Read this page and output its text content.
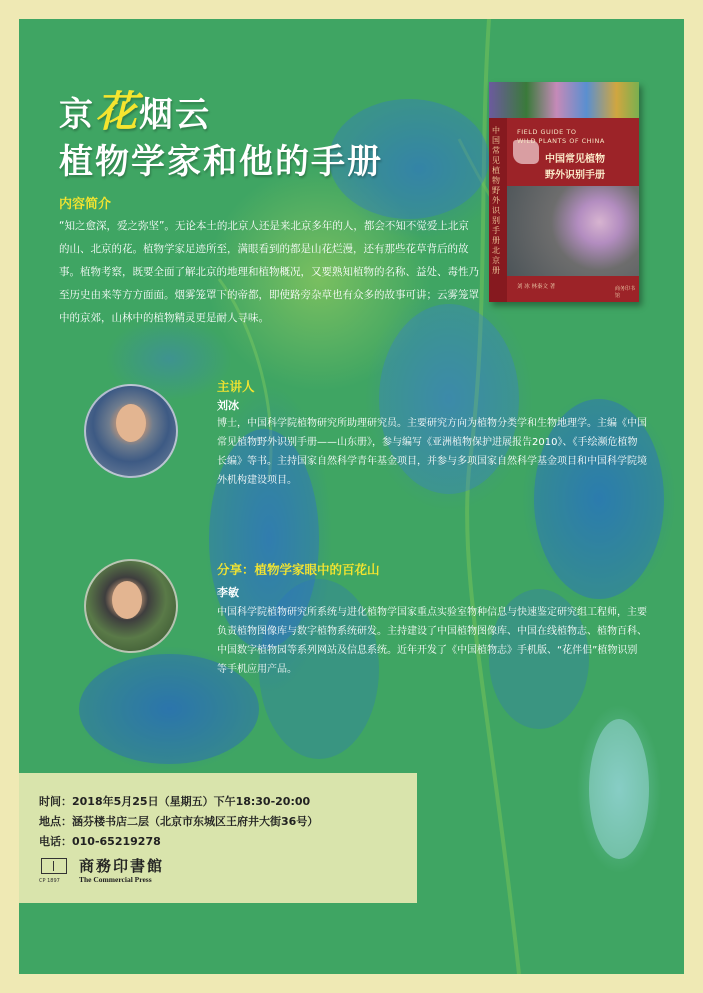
京花烟云
植物学家和他的手册
内容简介
“知之愈深，爱之弥坚”。无论本土的北京人还是来北京多年的人，都会不知不觉爱上北京的山、北京的花。植物学家足迹所至，满眼看到的都是山花烂漫，还有那些花草背后的故事。植物考察，既要全面了解北京的地理和植物概况，又要熟知植物的名称、益处、毒性乃至历史由来等方方面面。烟雾笼罩下的帝都，即使路旁杂草也有众多的故事可讲；云雾笼罩中的京郊，山林中的植物精灵更是耐人寻味。
中国常见植物野外识别手册北京册
FIELD GUIDE TO
WILD PLANTS OF CHINA
中国常见植物
野外识别手册
刘 冰 林秦文 著	商务印书馆
主讲人
刘冰
博士，中国科学院植物研究所助理研究员。主要研究方向为植物分类学和生物地理学。主编《中国常见植物野外识别手册——山东册》，参与编写《亚洲植物保护进展报告2010》、《手绘濒危植物长编》等书。主持国家自然科学青年基金项目，并参与多项国家自然科学基金项目和中国科学院境外机构建设项目。
分享：植物学家眼中的百花山
李敏
中国科学院植物研究所系统与进化植物学国家重点实验室物种信息与快速鉴定研究组工程师，主要负责植物图像库与数字植物系统研发。主持建设了中国植物图像库、中国在线植物志、植物百科、中国数字植物园等系列网站及信息系统。近年开发了《中国植物志》手机版、“花伴侣”植物识别等手机应用产品。
时间：2018年5月25日（星期五）下午18:30-20:00
地点：涵芬楼书店二层（北京市东城区王府井大街36号）
电话：010-65219278
CP 1897
商務印書館
The Commercial Press
